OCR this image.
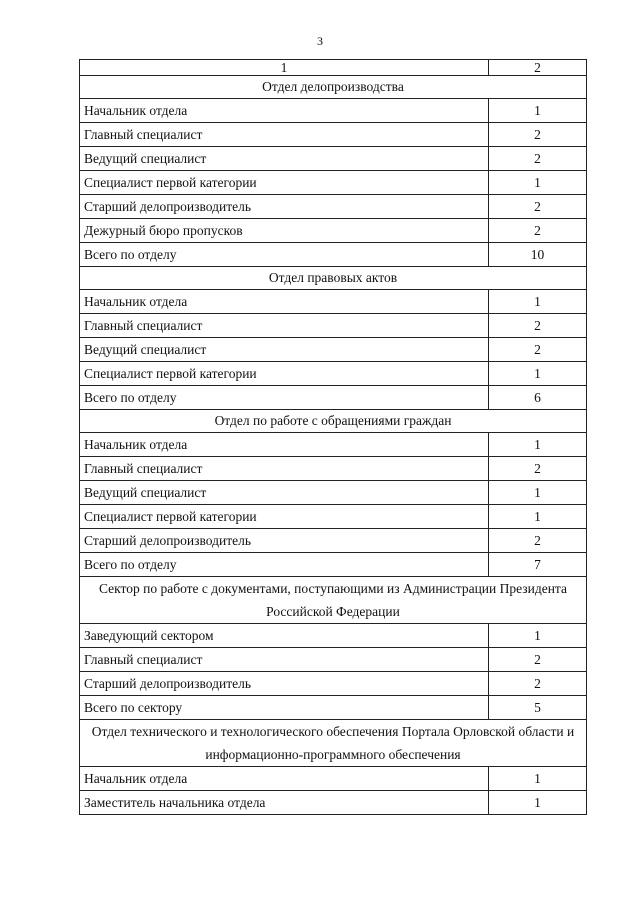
3
1	2
Отдел делопроизводства	
Начальник отдела	1
Главный специалист	2
Ведущий специалист	2
Специалист первой категории	1
Старший делопроизводитель	2
Дежурный бюро пропусков	2
Всего по отделу	10
Отдел правовых актов	
Начальник отдела	1
Главный специалист	2
Ведущий специалист	2
Специалист первой категории	1
Всего по отделу	6
Отдел по работе с обращениями граждан	
Начальник отдела	1
Главный специалист	2
Ведущий специалист	1
Специалист первой категории	1
Старший делопроизводитель	2
Всего по отделу	7
Сектор по работе с документами, поступающими из Администрации Президента Российской Федерации	
Заведующий сектором	1
Главный специалист	2
Старший делопроизводитель	2
Всего по сектору	5
Отдел технического и технологического обеспечения Портала Орловской области и информационно-программного обеспечения	
Начальник отдела	1
Заместитель начальника отдела	1
